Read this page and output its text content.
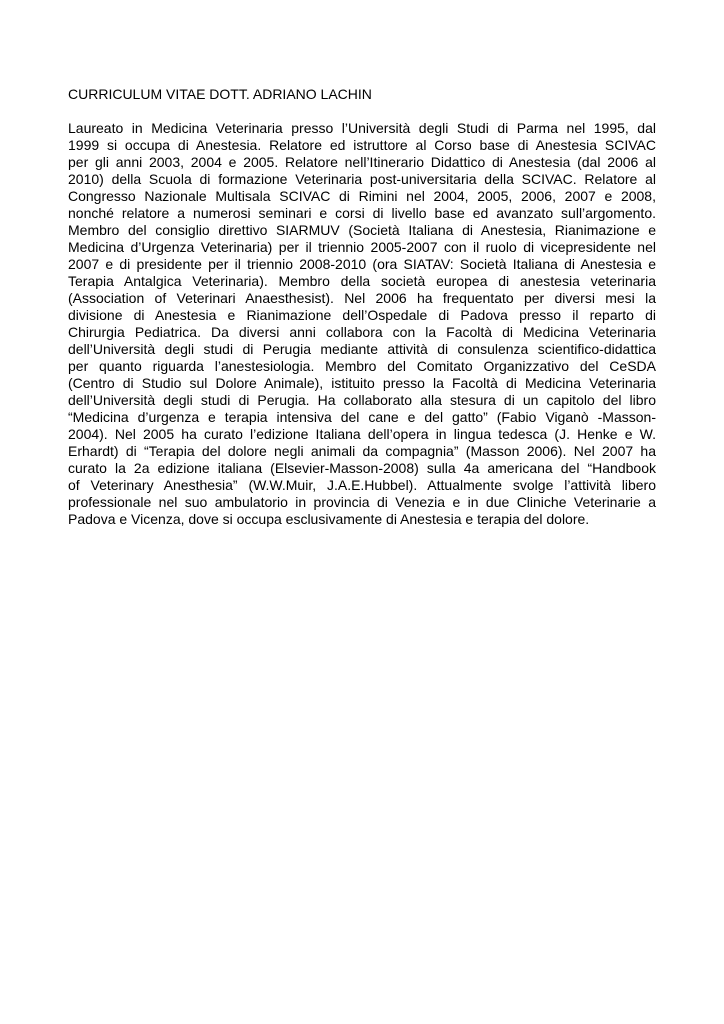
CURRICULUM VITAE DOTT. ADRIANO LACHIN
Laureato in Medicina Veterinaria presso l’Università degli Studi di Parma nel 1995, dal
1999 si occupa di Anestesia. Relatore ed istruttore al Corso base di Anestesia SCIVAC
per gli anni 2003, 2004 e 2005. Relatore nell’Itinerario Didattico di Anestesia (dal 2006 al
2010) della Scuola di formazione Veterinaria post-universitaria della SCIVAC. Relatore al
Congresso Nazionale Multisala SCIVAC di Rimini nel 2004, 2005, 2006, 2007 e 2008,
nonché relatore a numerosi seminari e corsi di livello base ed avanzato sull’argomento.
Membro del consiglio direttivo SIARMUV (Società Italiana di Anestesia, Rianimazione e
Medicina d’Urgenza Veterinaria) per il triennio 2005-2007 con il ruolo di vicepresidente nel
2007 e di presidente per il triennio 2008-2010 (ora SIATAV: Società Italiana di Anestesia e
Terapia Antalgica Veterinaria). Membro della società europea di anestesia veterinaria
(Association of Veterinari Anaesthesist). Nel 2006 ha frequentato per diversi mesi la
divisione di Anestesia e Rianimazione dell’Ospedale di Padova presso il reparto di
Chirurgia Pediatrica. Da diversi anni collabora con la Facoltà di Medicina Veterinaria
dell’Università degli studi di Perugia mediante attività di consulenza scientifico-didattica
per quanto riguarda l’anestesiologia. Membro del Comitato Organizzativo del CeSDA
(Centro di Studio sul Dolore Animale), istituito presso la Facoltà di Medicina Veterinaria
dell’Università degli studi di Perugia. Ha collaborato alla stesura di un capitolo del libro
“Medicina d’urgenza e terapia intensiva del cane e del gatto” (Fabio Viganò -Masson-
2004). Nel 2005 ha curato l’edizione Italiana dell’opera in lingua tedesca (J. Henke e W.
Erhardt) di “Terapia del dolore negli animali da compagnia” (Masson 2006). Nel 2007 ha
curato la 2a edizione italiana (Elsevier-Masson-2008) sulla 4a americana del “Handbook
of Veterinary Anesthesia” (W.W.Muir, J.A.E.Hubbel). Attualmente svolge l’attività libero
professionale nel suo ambulatorio in provincia di Venezia e in due Cliniche Veterinarie a
Padova e Vicenza, dove si occupa esclusivamente di Anestesia e terapia del dolore.
